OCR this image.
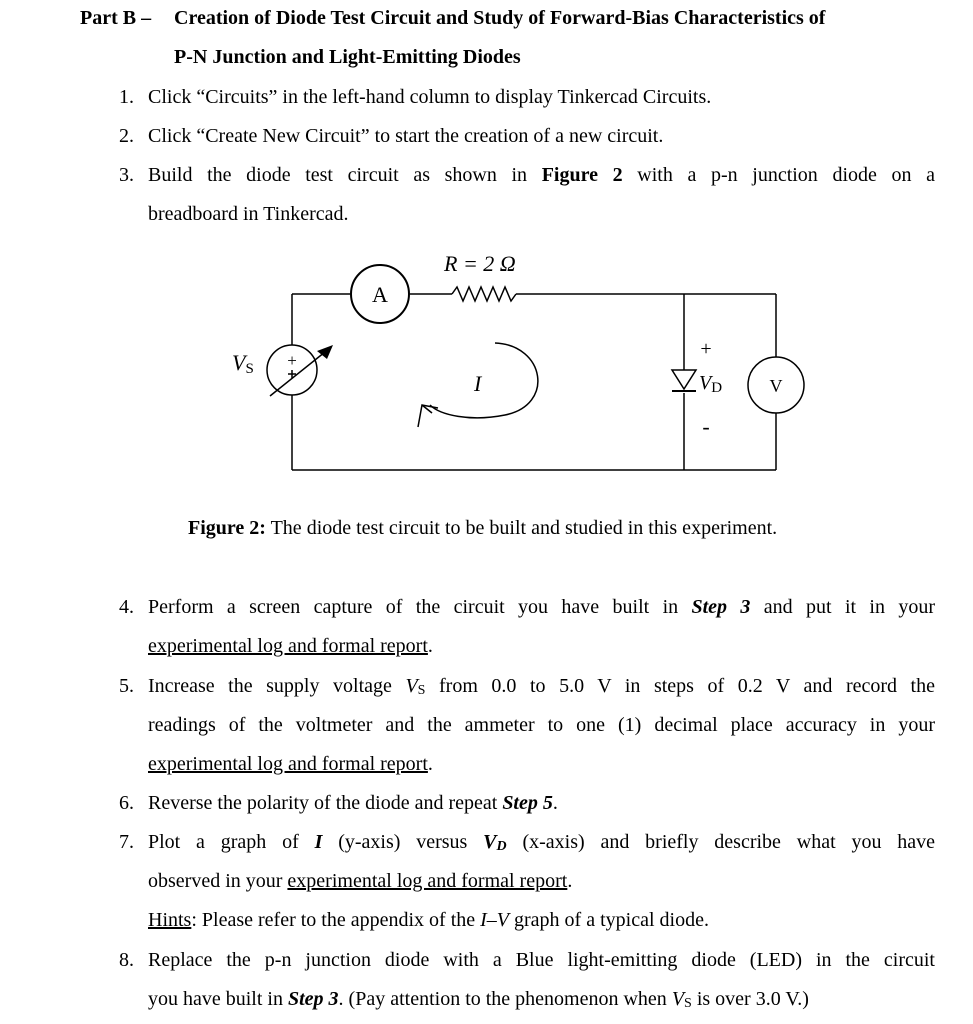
Part B – Creation of Diode Test Circuit and Study of Forward-Bias Characteristics of
P-N Junction and Light-Emitting Diodes
1. Click “Circuits” in the left-hand column to display Tinkercad Circuits.
2. Click “Create New Circuit” to start the creation of a new circuit.
3. Build the diode test circuit as shown in Figure 2 with a p-n junction diode on a
breadboard in Tinkercad.
R = 2 Ω
A
V
VS +
I	VD
+
-
Figure 2: The diode test circuit to be built and studied in this experiment.
4. Perform a screen capture of the circuit you have built in Step 3 and put it in your
experimental log and formal report.
5. Increase the supply voltage $V_S$ from 0.0 to 5.0 V in steps of 0.2 V and record the
readings of the voltmeter and the ammeter to one (1) decimal place accuracy in your
experimental log and formal report.
6. Reverse the polarity of the diode and repeat Step 5.
7. Plot a graph of I (y-axis) versus $V_D$ (x-axis) and briefly describe what you have
observed in your experimental log and formal report.
Hints: Please refer to the appendix of the I–V graph of a typical diode.
8. Replace the p-n junction diode with a Blue light-emitting diode (LED) in the circuit
you have built in Step 3. (Pay attention to the phenomenon when $V_S$ is over 3.0 V.)
